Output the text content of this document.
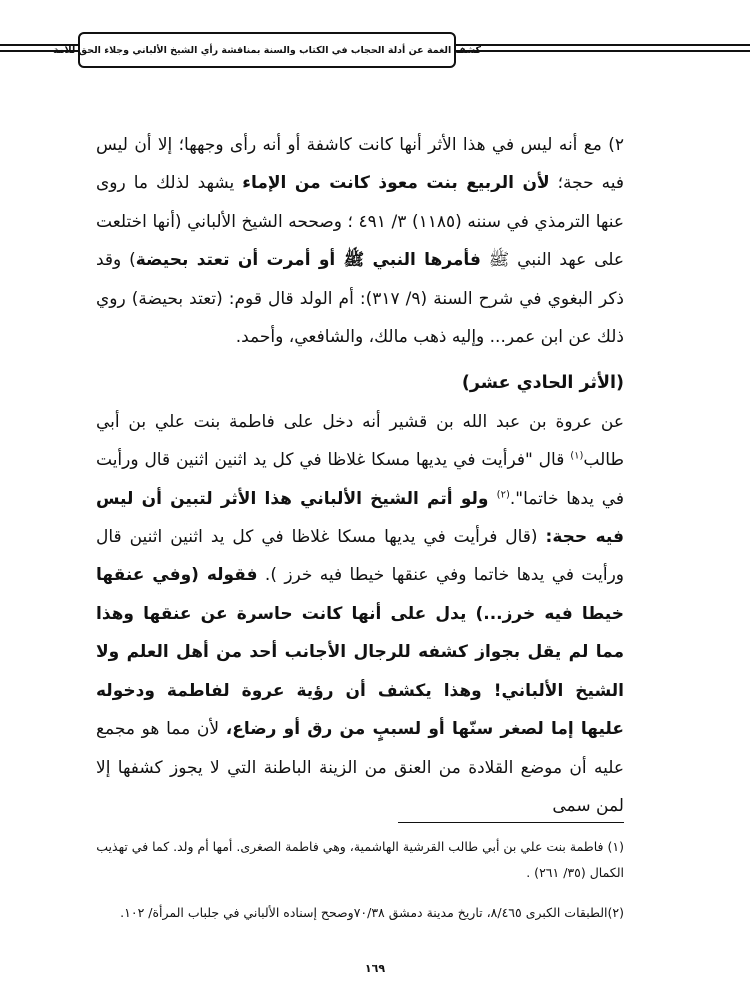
كشف الغمة عن أدلة الحجاب في الكتاب والسنة بمناقشة رأي الشيخ الألباني وجلاء الحق للأمة

٢) مع أنه ليس في هذا الأثر أنها كانت كاشفة أو أنه رأى وجهها؛ إلا أن ليس فيه حجة؛ لأن الربيع بنت معوذ كانت من الإماء يشهد لذلك ما روى عنها الترمذي في سننه (١١٨٥) ٣/ ٤٩١ ؛ وصححه الشيخ الألباني (أنها اختلعت على عهد النبي ﷺ فأمرها النبي ﷺ أو أمرت أن تعتد بحيضة) وقد ذكر البغوي في شرح السنة (٩/ ٣١٧): أم الولد قال قوم: (تعتد بحيضة) روي ذلك عن ابن عمر... وإليه ذهب مالك، والشافعي، وأحمد.

(الأثر الحادي عشر)

عن عروة بن عبد الله بن قشير أنه دخل على فاطمة بنت علي بن أبي طالب$^{(١)}$ قال "فرأيت في يديها مسكا غلاظا في كل يد اثنين اثنين قال ورأيت في يدها خاتما".$^{(٢)}$ ولو أتم الشيخ الألباني هذا الأثر لتبين أن ليس فيه حجة: (قال فرأيت في يديها مسكا غلاظا في كل يد اثنين اثنين قال ورأيت في يدها خاتما وفي عنقها خيطا فيه خرز ). فقوله (وفي عنقها خيطا فيه خرز...) يدل على أنها كانت حاسرة عن عنقها وهذا مما لم يقل بجواز كشفه للرجال الأجانب أحد من أهل العلم ولا الشيخ الألباني! وهذا يكشف أن رؤية عروة لفاطمة ودخوله عليها إما لصغر سنّها أو لسببٍ من رق أو رضاع، لأن مما هو مجمع عليه أن موضع القلادة من العنق من الزينة الباطنة التي لا يجوز كشفها إلا لمن سمى

(١) فاطمة بنت علي بن أبي طالب القرشية الهاشمية، وهي فاطمة الصغرى. أمها أم ولد. كما في تهذيب الكمال (٣٥/ ٢٦١) .

(٢)الطبقات الكبرى ٨/٤٦٥، تاريخ مدينة دمشق ٧٠/٣٨وصحح إسناده الألباني في جلباب المرأة/ ١٠٢.

١٦٩
